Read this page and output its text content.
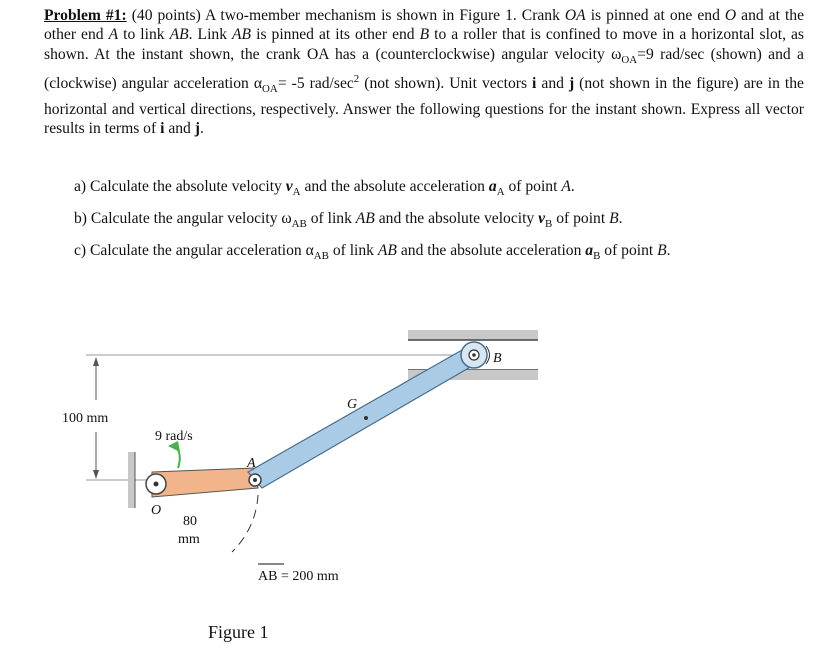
Problem #1: (40 points) A two-member mechanism is shown in Figure 1. Crank OA is pinned at one end O and at the other end A to link AB. Link AB is pinned at its other end B to a roller that is confined to move in a horizontal slot, as shown. At the instant shown, the crank OA has a (counterclockwise) angular velocity $\omega_{OA}=9$ rad/sec (shown) and a (clockwise) angular acceleration $\alpha_{OA}= -5$ rad/$\sec^2$ (not shown). Unit vectors i and j (not shown in the figure) are in the horizontal and vertical directions, respectively. Answer the following questions for the instant shown. Express all vector results in terms of i and j.
a) Calculate the absolute velocity $v_A$ and the absolute acceleration $a_A$ of point A.
b) Calculate the angular velocity $\omega_{AB}$ of link AB and the absolute velocity $v_B$ of point B.
c) Calculate the angular acceleration $\alpha_{AB}$ of link AB and the absolute acceleration $a_B$ of point B.
100 mm
9 rad/s
O
A
B
G
80
mm
AB = 200 mm
Figure 1
